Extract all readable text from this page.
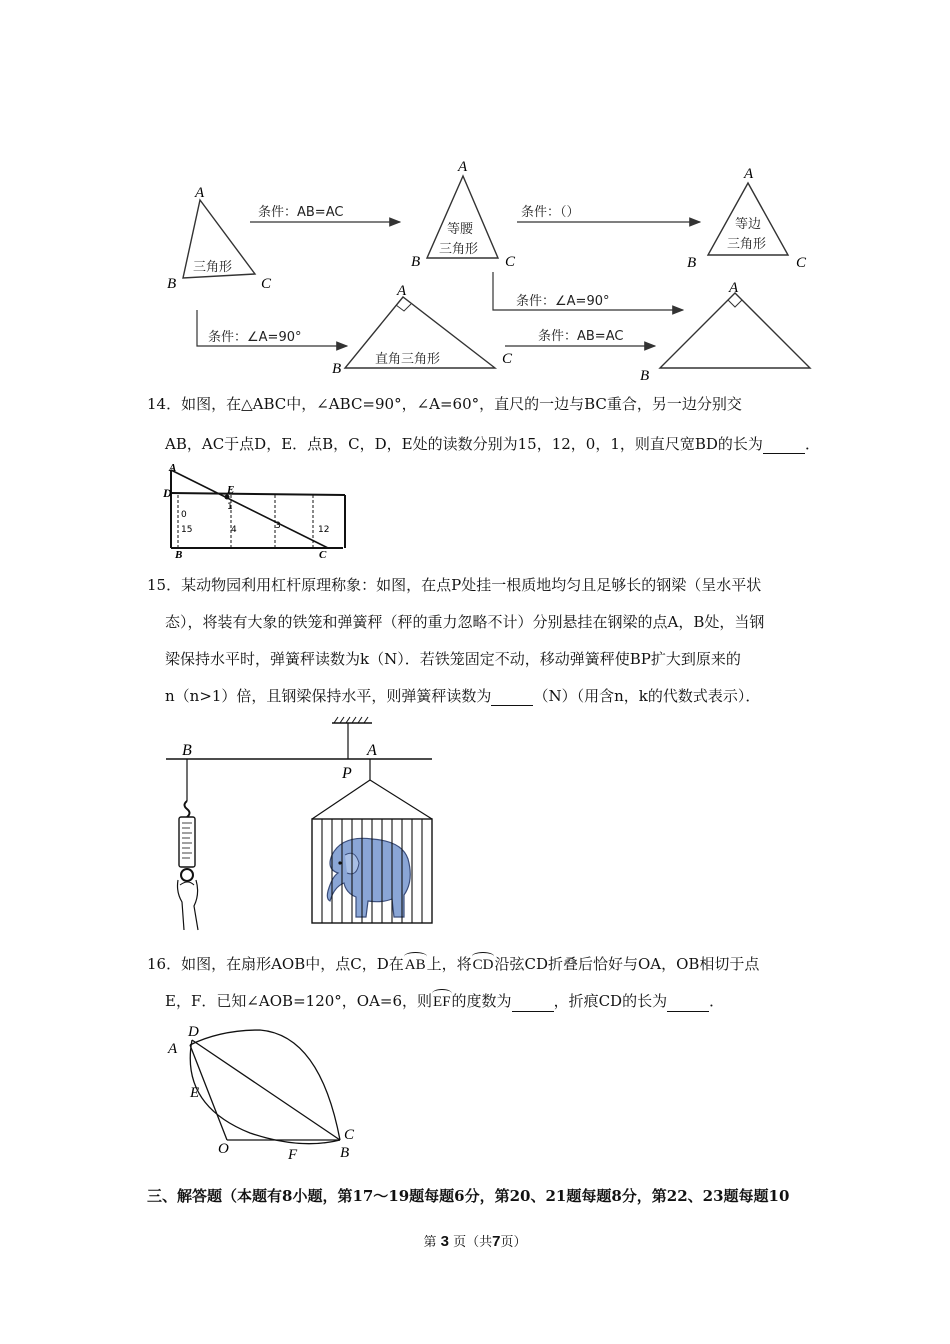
A
B	C
三角形
条件：AB=AC
A
B	C
等腰
三角形
条件：（）
A
B	C
等边
三角形
条件：∠A=90°
条件：∠A=90°
A
B
C
直角三角形
条件：AB=AC
A
B
14．如图，在△ABC中，∠ABC=90°，∠A=60°，直尺的一边与BC重合，另一边分别交
AB，AC于点D，E．点B，C，D，E处的读数分别为15，12，0，1，则直尺宽BD的长为	．
A
D	E
B	C
0
1
15	4	3	12
15．某动物园利用杠杆原理称象：如图，在点P处挂一根质地均匀且足够长的钢梁（呈水平状
态），将装有大象的铁笼和弹簧秤（秤的重力忽略不计）分别悬挂在钢梁的点A，B处，当钢
梁保持水平时，弹簧秤读数为k（N）．若铁笼固定不动，移动弹簧秤使BP扩大到原来的
n（n>1）倍，且钢梁保持水平，则弹簧秤读数为	（N）（用含n，k的代数式表示）．
B	A
P
16．如图，在扇形AOB中，点C，D在AB上，将CD沿弦CD折叠后恰好与OA，OB相切于点
E，F．已知∠AOB=120°，OA=6，则EF的度数为	，折痕CD的长为	．
D
A
E
O	F
C
B
三、解答题（本题有8小题，第17～19题每题6分，第20、21题每题8分，第22、23题每题10
第 3 页（共7页）
